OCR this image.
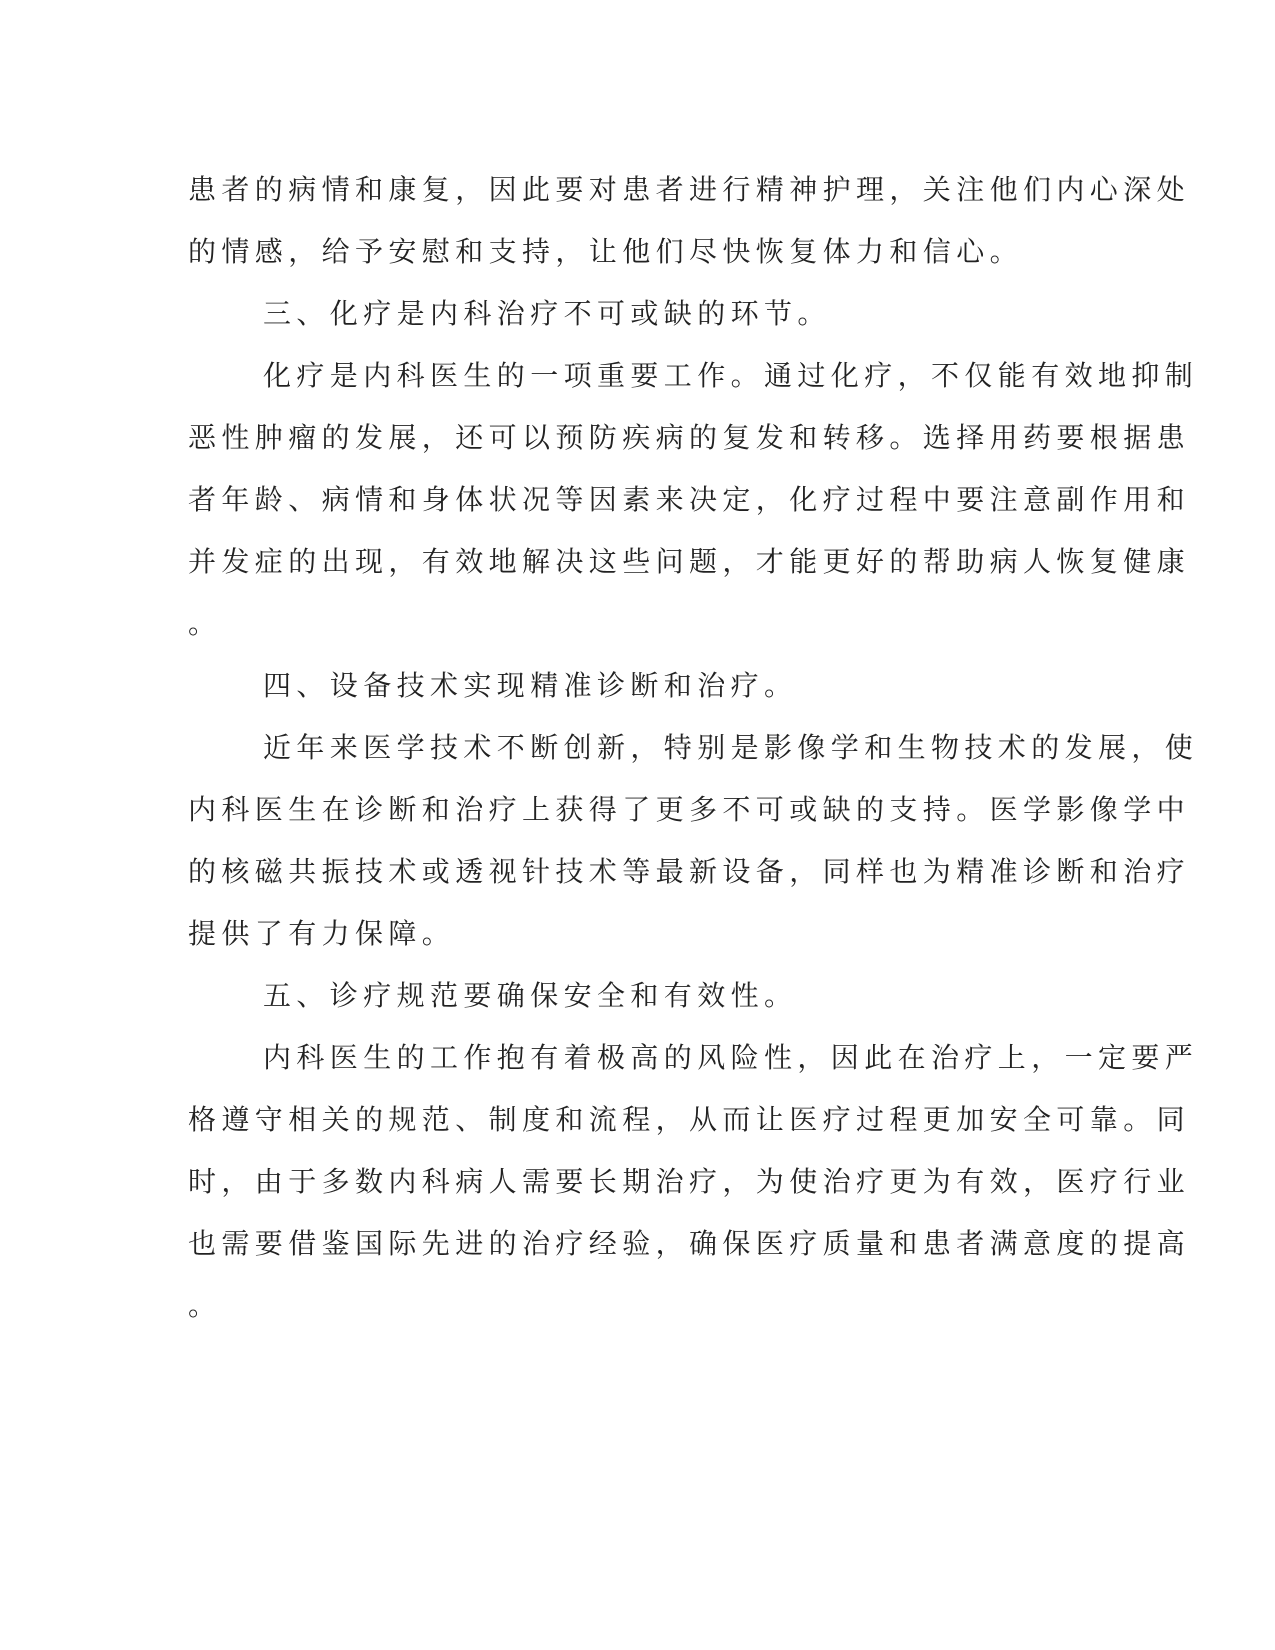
患者的病情和康复，因此要对患者进行精神护理，关注他们内心深处
的情感，给予安慰和支持，让他们尽快恢复体力和信心。
三、化疗是内科治疗不可或缺的环节。
化疗是内科医生的一项重要工作。通过化疗，不仅能有效地抑制
恶性肿瘤的发展，还可以预防疾病的复发和转移。选择用药要根据患
者年龄、病情和身体状况等因素来决定，化疗过程中要注意副作用和
并发症的出现，有效地解决这些问题，才能更好的帮助病人恢复健康
。
四、设备技术实现精准诊断和治疗。
近年来医学技术不断创新，特别是影像学和生物技术的发展，使
内科医生在诊断和治疗上获得了更多不可或缺的支持。医学影像学中
的核磁共振技术或透视针技术等最新设备，同样也为精准诊断和治疗
提供了有力保障。
五、诊疗规范要确保安全和有效性。
内科医生的工作抱有着极高的风险性，因此在治疗上，一定要严
格遵守相关的规范、制度和流程，从而让医疗过程更加安全可靠。同
时，由于多数内科病人需要长期治疗，为使治疗更为有效，医疗行业
也需要借鉴国际先进的治疗经验，确保医疗质量和患者满意度的提高
。
